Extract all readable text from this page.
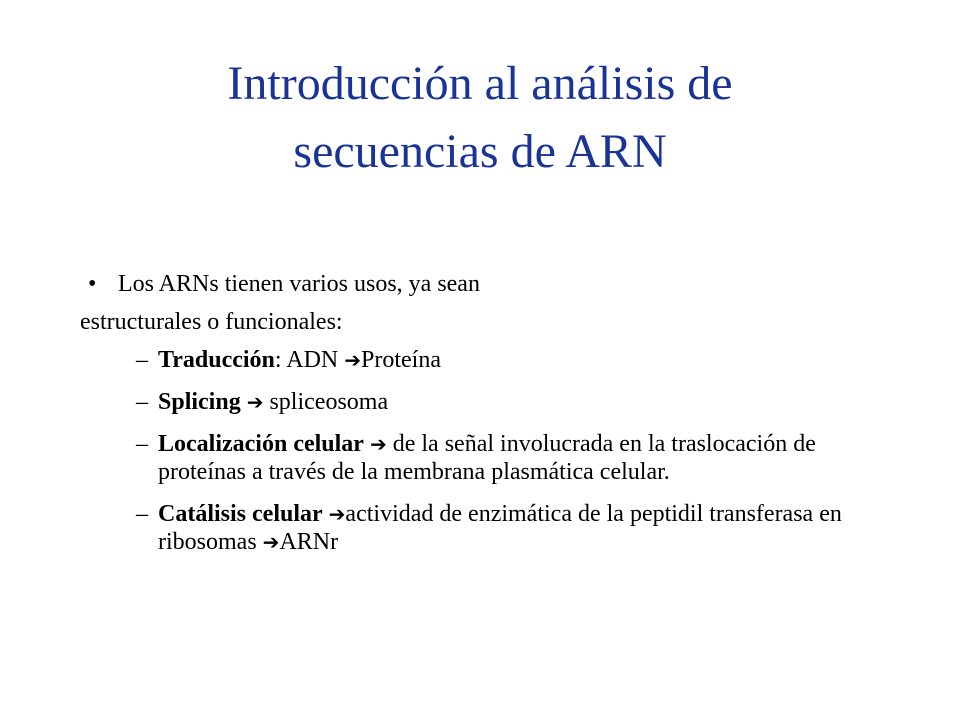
Introducción al análisis de
secuencias de ARN
• Los ARNs tienen varios usos, ya sean
estructurales o funcionales:
– Traducción: ADN ➔Proteína
– Splicing ➔ spliceosoma
– Localización celular ➔ de la señal involucrada en la traslocación de proteínas a través de la membrana plasmática celular.
– Catálisis celular ➔actividad de enzimática de la peptidil transferasa en ribosomas ➔ARNr
